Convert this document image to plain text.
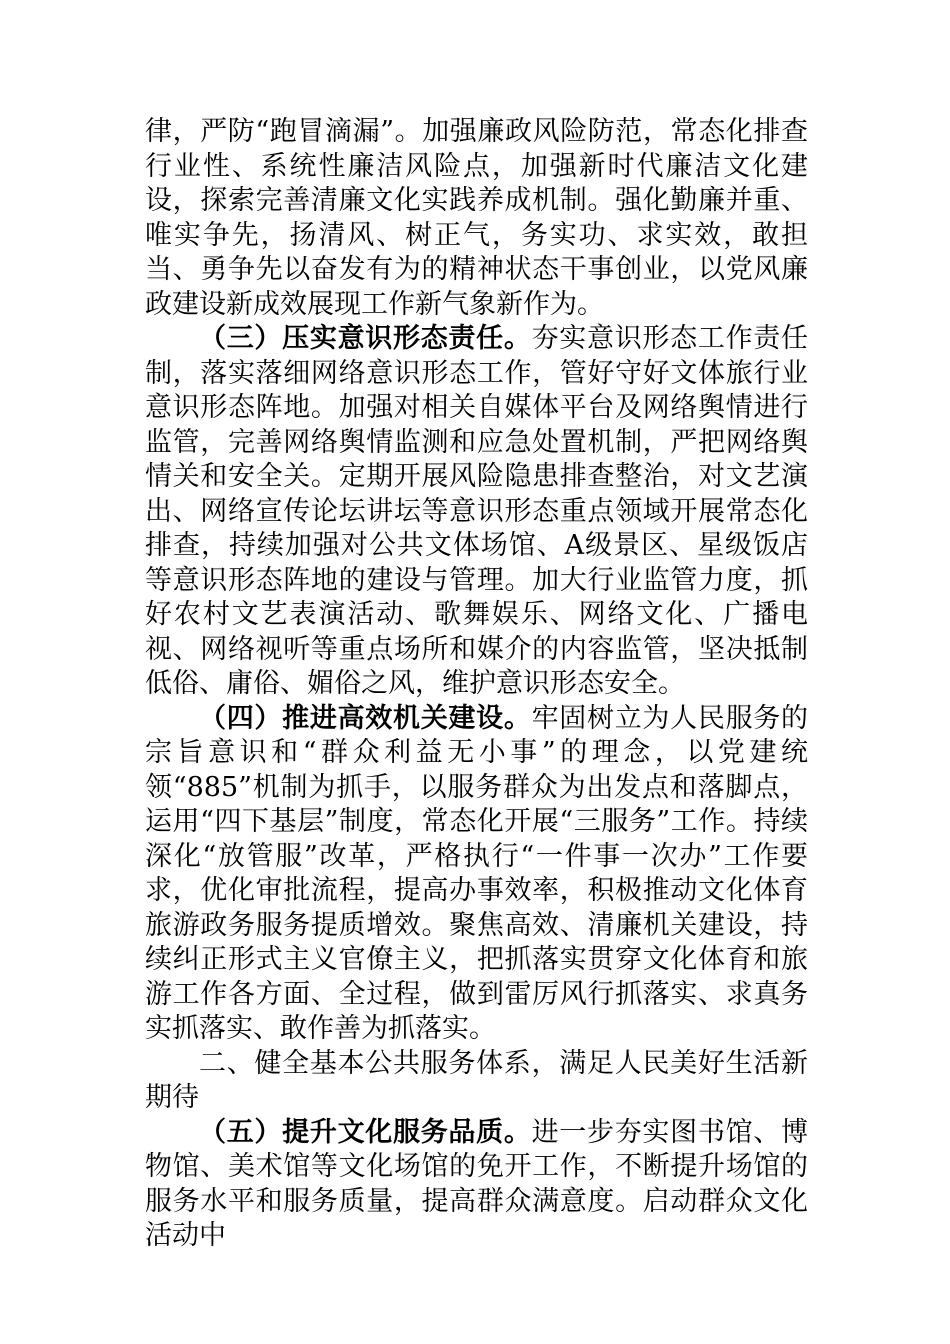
律，严防“跑冒滴漏”。加强廉政风险防范，常态化排查行业性、系统性廉洁风险点，加强新时代廉洁文化建设，探索完善清廉文化实践养成机制。强化勤廉并重、唯实争先，扬清风、树正气，务实功、求实效，敢担当、勇争先以奋发有为的精神状态干事创业，以党风廉政建设新成效展现工作新气象新作为。

（三）压实意识形态责任。夯实意识形态工作责任制，落实落细网络意识形态工作，管好守好文体旅行业意识形态阵地。加强对相关自媒体平台及网络舆情进行监管，完善网络舆情监测和应急处置机制，严把网络舆情关和安全关。定期开展风险隐患排查整治，对文艺演出、网络宣传论坛讲坛等意识形态重点领域开展常态化排查，持续加强对公共文体场馆、A级景区、星级饭店等意识形态阵地的建设与管理。加大行业监管力度，抓好农村文艺表演活动、歌舞娱乐、网络文化、广播电视、网络视听等重点场所和媒介的内容监管，坚决抵制低俗、庸俗、媚俗之风，维护意识形态安全。

（四）推进高效机关建设。牢固树立为人民服务的宗旨意识和“群众利益无小事”的理念，以党建统领“885”机制为抓手，以服务群众为出发点和落脚点，运用“四下基层”制度，常态化开展“三服务”工作。持续深化“放管服”改革，严格执行“一件事一次办”工作要求，优化审批流程，提高办事效率，积极推动文化体育旅游政务服务提质增效。聚焦高效、清廉机关建设，持续纠正形式主义官僚主义，把抓落实贯穿文化体育和旅游工作各方面、全过程，做到雷厉风行抓落实、求真务实抓落实、敢作善为抓落实。

二、健全基本公共服务体系，满足人民美好生活新期待

（五）提升文化服务品质。进一步夯实图书馆、博物馆、美术馆等文化场馆的免开工作，不断提升场馆的服务水平和服务质量，提高群众满意度。启动群众文化活动中
